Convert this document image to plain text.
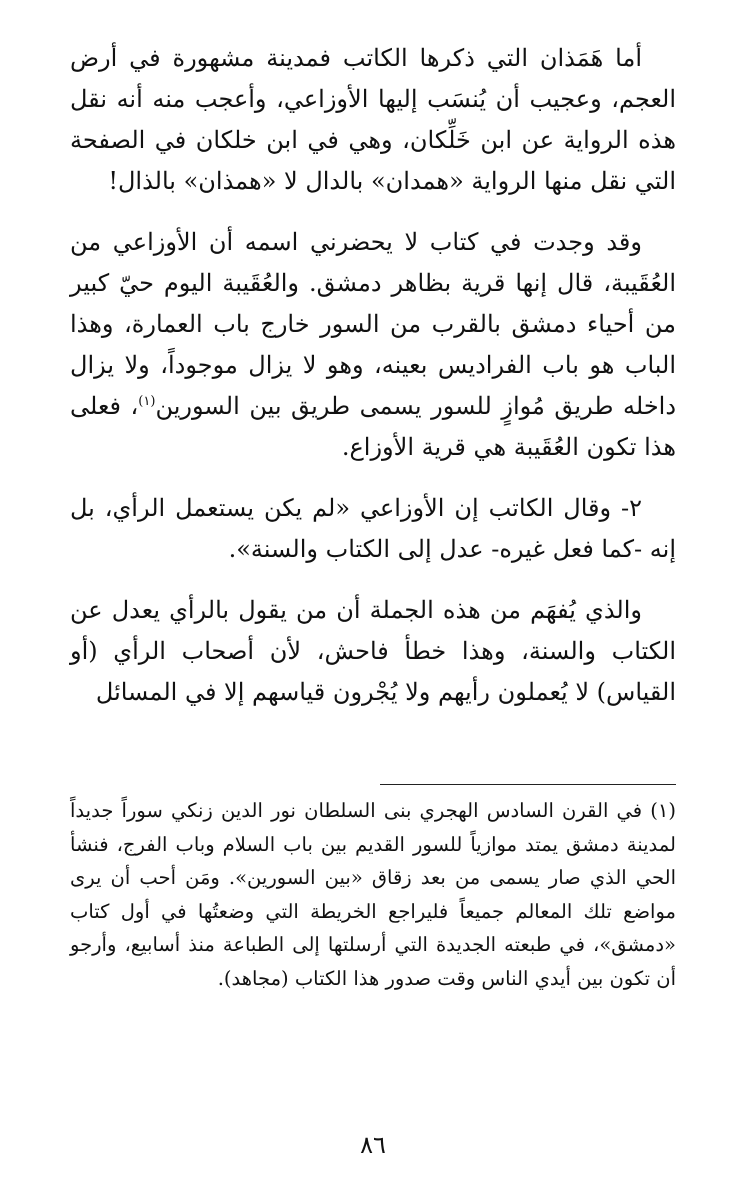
أما هَمَذان التي ذكرها الكاتب فمدينة مشهورة في أرض العجم، وعجيب أن يُنسَب إليها الأوزاعي، وأعجب منه أنه نقل هذه الرواية عن ابن خَلِّكان، وهي في ابن خلكان في الصفحة التي نقل منها الرواية «همدان» بالدال لا «همذان» بالذال!

وقد وجدت في كتاب لا يحضرني اسمه أن الأوزاعي من العُقَيبة، قال إنها قرية بظاهر دمشق. والعُقَيبة اليوم حيّ كبير من أحياء دمشق بالقرب من السور خارج باب العمارة، وهذا الباب هو باب الفراديس بعينه، وهو لا يزال موجوداً، ولا يزال داخله طريق مُوازٍ للسور يسمى طريق بين السورين$^{(١)}$، فعلى هذا تكون العُقَيبة هي قرية الأوزاع.

٢- وقال الكاتب إن الأوزاعي «لم يكن يستعمل الرأي، بل إنه -كما فعل غيره- عدل إلى الكتاب والسنة».

والذي يُفهَم من هذه الجملة أن من يقول بالرأي يعدل عن الكتاب والسنة، وهذا خطأ فاحش، لأن أصحاب الرأي (أو القياس) لا يُعملون رأيهم ولا يُجْرون قياسهم إلا في المسائل

(١) في القرن السادس الهجري بنى السلطان نور الدين زنكي سوراً جديداً لمدينة دمشق يمتد موازياً للسور القديم بين باب السلام وباب الفرج، فنشأ الحي الذي صار يسمى من بعد زقاق «بين السورين». ومَن أحب أن يرى مواضع تلك المعالم جميعاً فليراجع الخريطة التي وضعتُها في أول كتاب «دمشق»، في طبعته الجديدة التي أرسلتها إلى الطباعة منذ أسابيع، وأرجو أن تكون بين أيدي الناس وقت صدور هذا الكتاب (مجاهد).

٨٦
